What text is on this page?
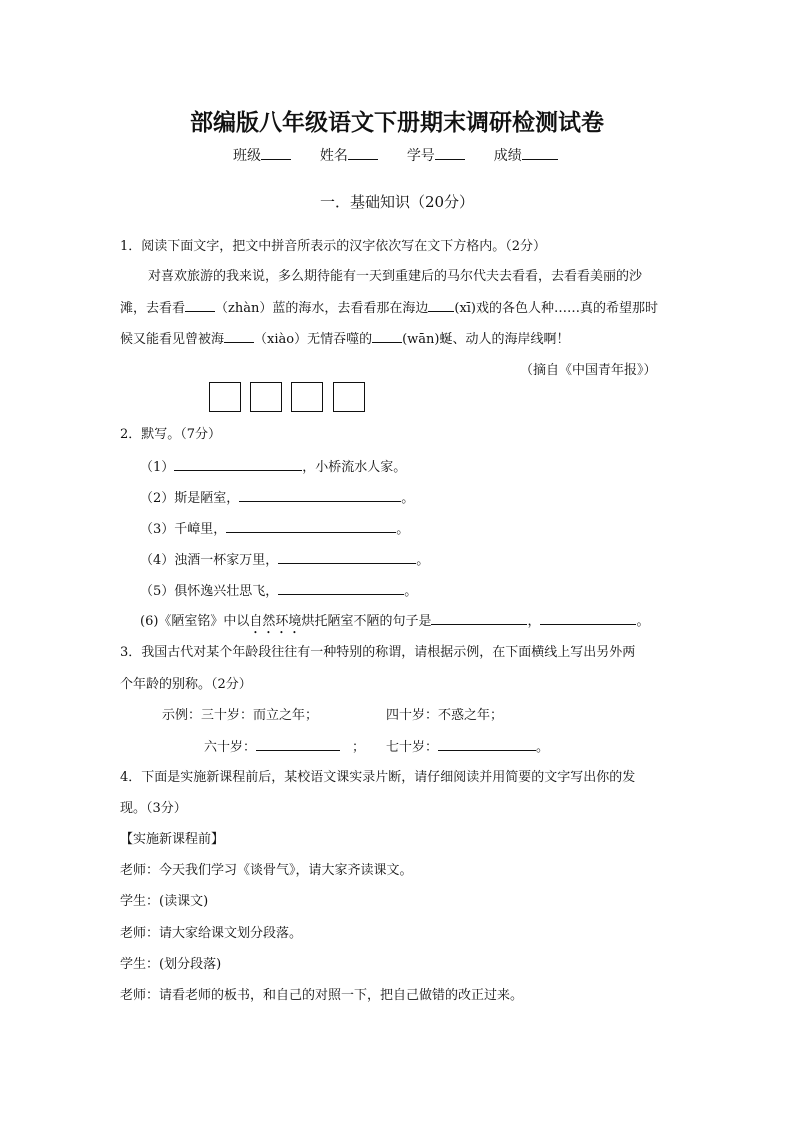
部编版八年级语文下册期末调研检测试卷
班级	姓名	学号	成绩
一．基础知识（20分）
1．阅读下面文字，把文中拼音所表示的汉字依次写在文下方格内。（2分）
对喜欢旅游的我来说，多么期待能有一天到重建后的马尔代夫去看看，去看看美丽的沙
滩，去看看 （zhàn）蓝的海水，去看看那在海边 (xī)戏的各色人种……真的希望那时
候又能看见曾被海 （xiào）无情吞噬的 (wān)蜒、动人的海岸线啊！
（摘自《中国青年报》）
2．默写。（7分）
（1）	，小桥流水人家。
（2）斯是陋室，	。
（3）千嶂里，	。
（4）浊酒一杯家万里，	。
（5）俱怀逸兴壮思飞，	。
(6)《陋室铭》中以自然环境烘托陋室不陋的句子是	，	。
3．我国古代对某个年龄段往往有一种特别的称谓，请根据示例，在下面横线上写出另外两
个年龄的别称。（2分）
示例：三十岁：而立之年；	四十岁：不惑之年；
六十岁：	； 七十岁：	。
4．下面是实施新课程前后，某校语文课实录片断，请仔细阅读并用简要的文字写出你的发
现。（3分）
【实施新课程前】
老师：今天我们学习《谈骨气》，请大家齐读课文。
学生：(读课文)
老师：请大家给课文划分段落。
学生：(划分段落)
老师：请看老师的板书，和自己的对照一下，把自己做错的改正过来。
